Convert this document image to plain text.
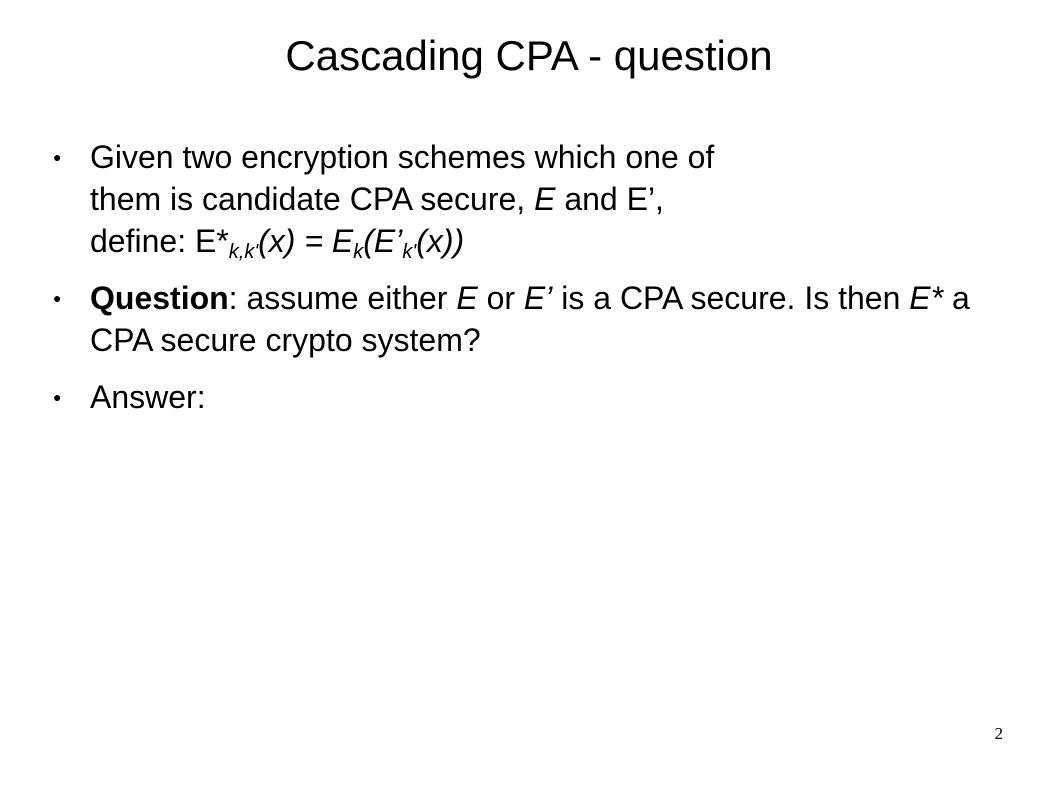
Cascading CPA - question
●
Given two encryption schemes which one of
them is candidate CPA secure, E and E’,
define: $E*_{k,k'}(x)$ = $E_k(E’_{k'}(x))$
●
Question: assume either E or E’ is a CPA secure. Is then E* a CPA secure crypto system?
●
Answer:
2
